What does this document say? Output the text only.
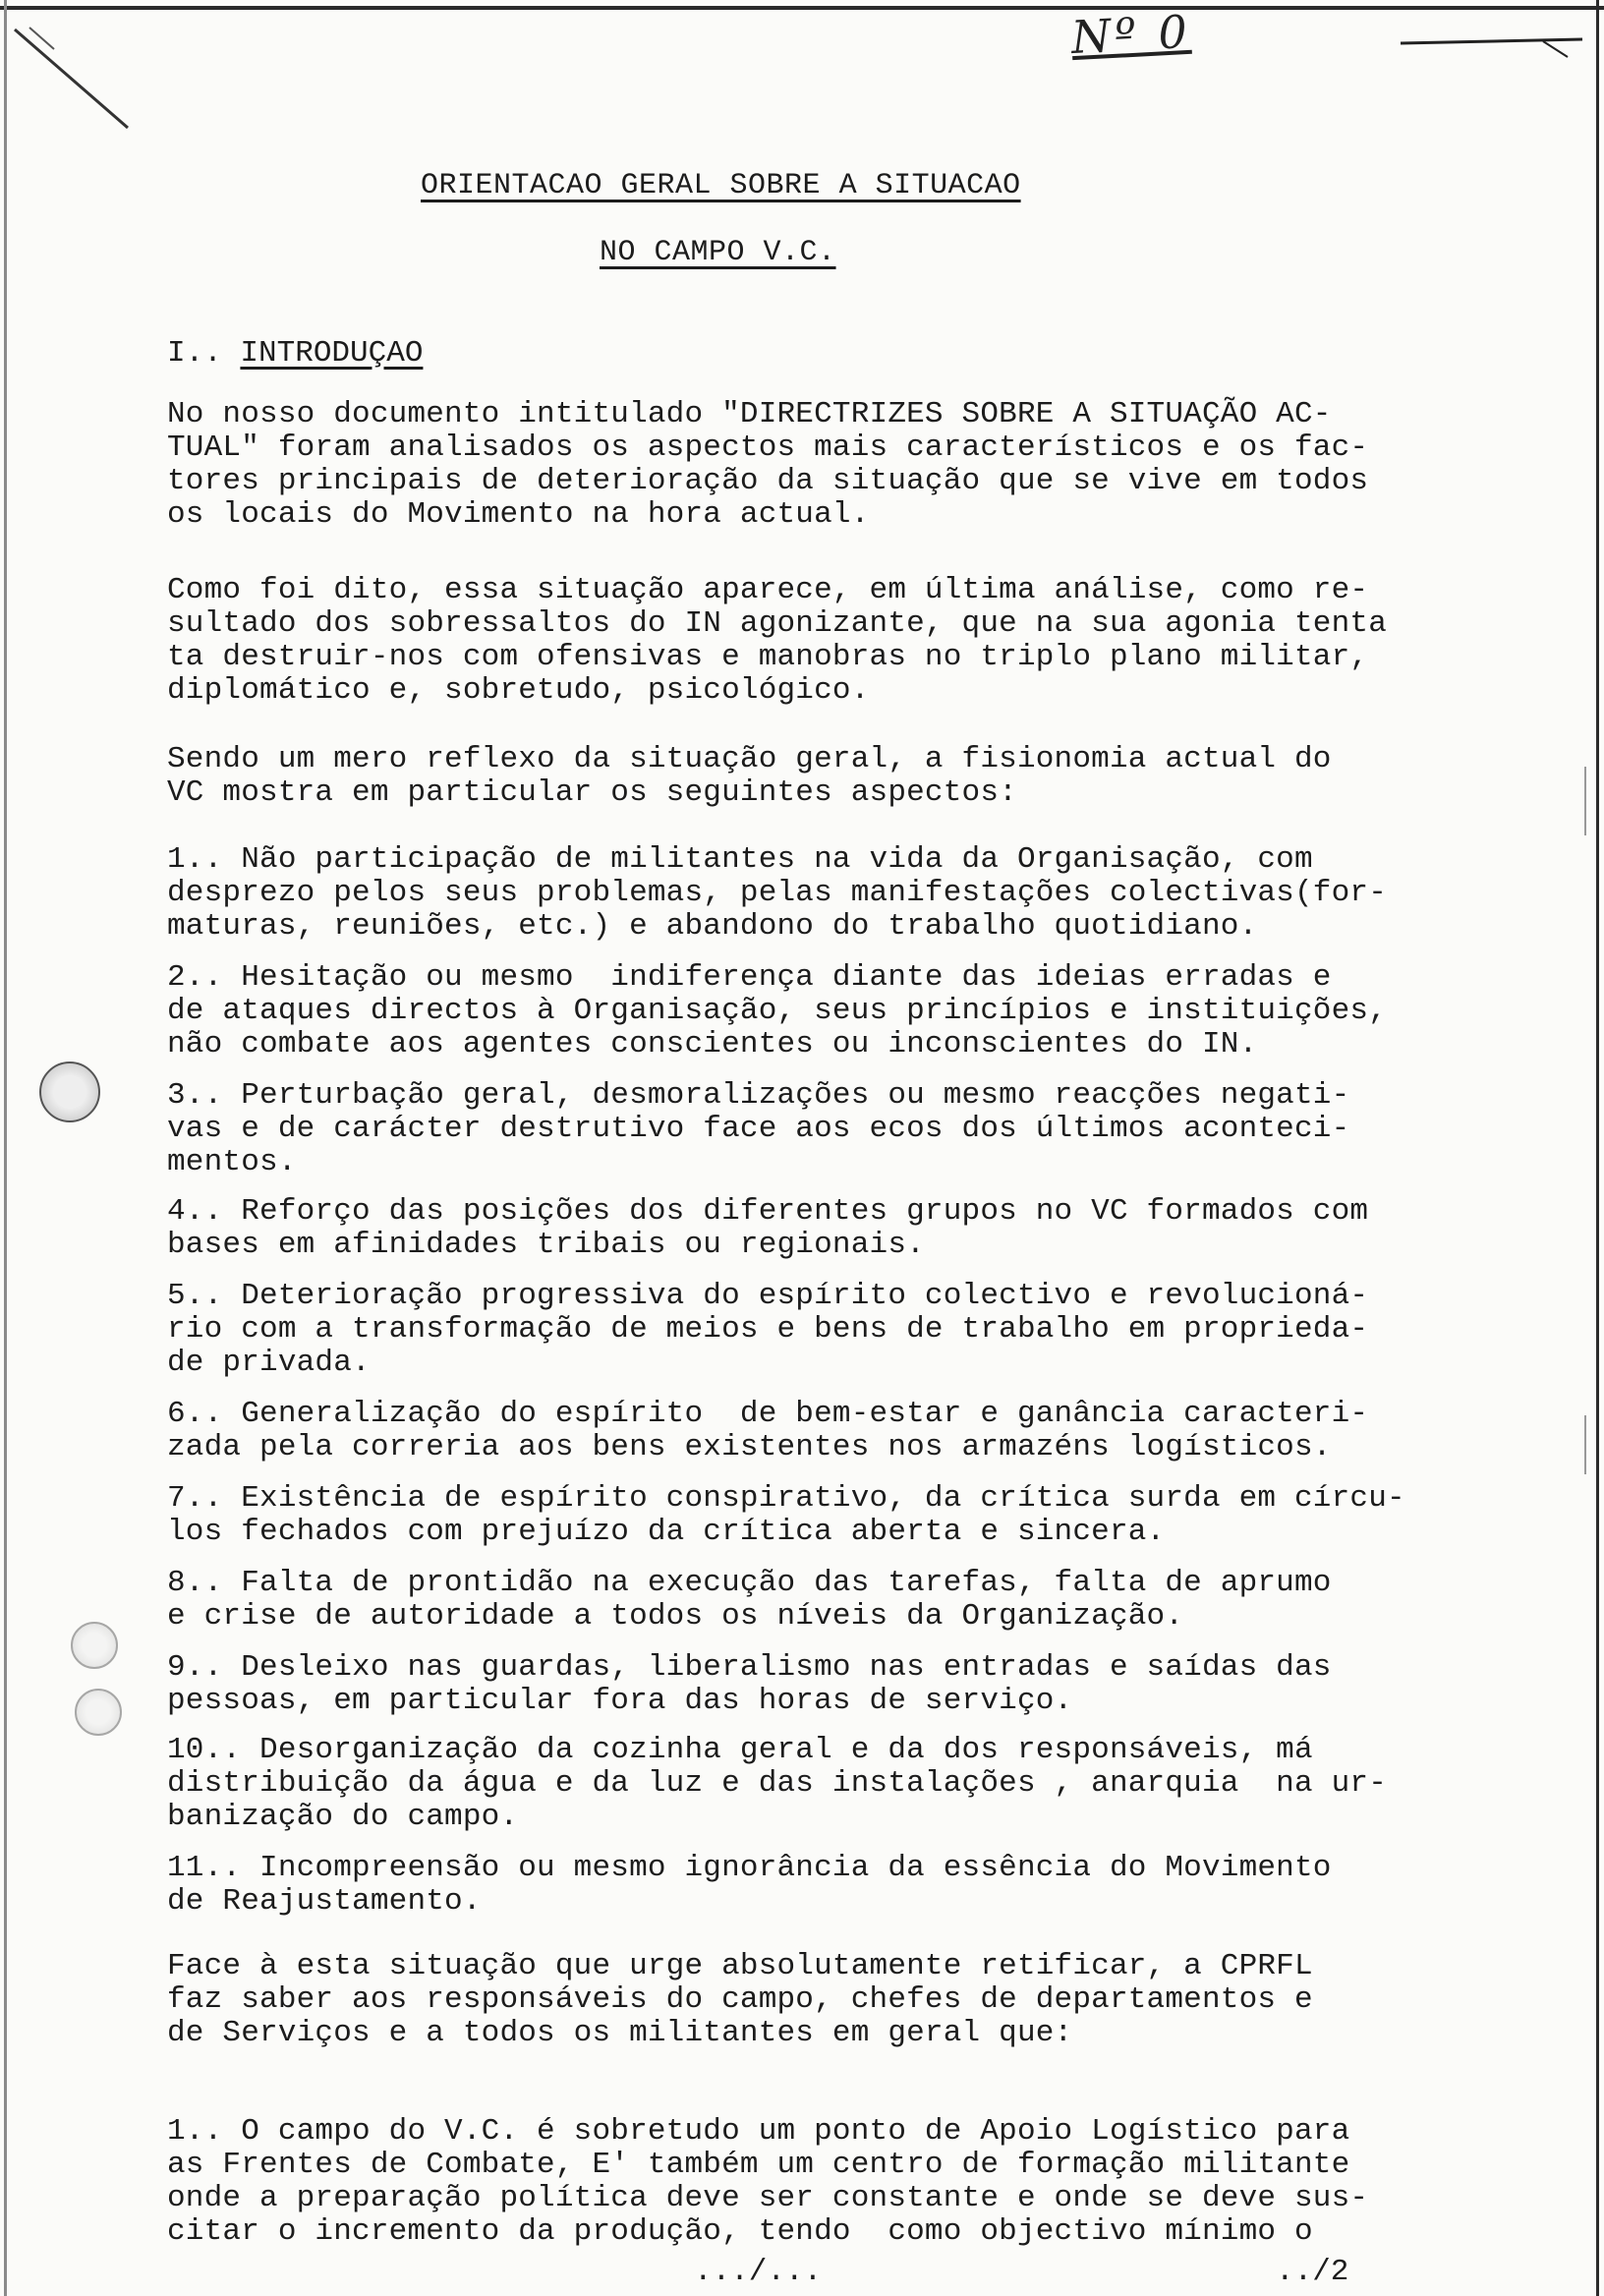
Nº 0
ORIENTACAO GERAL SOBRE A SITUACAO
NO CAMPO V.C.
I.. INTRODUÇAO
No nosso documento intitulado "DIRECTRIZES SOBRE A SITUAÇÃO AC-
TUAL" foram analisados os aspectos mais característicos e os fac-
tores principais de deterioração da situação que se vive em todos
os locais do Movimento na hora actual.
Como foi dito, essa situação aparece, em última análise, como re-
sultado dos sobressaltos do IN agonizante, que na sua agonia tenta
ta destruir-nos com ofensivas e manobras no triplo plano militar,
diplomático e, sobretudo, psicológico.
Sendo um mero reflexo da situação geral, a fisionomia actual do
VC mostra em particular os seguintes aspectos:
1.. Não participação de militantes na vida da Organisação, com
desprezo pelos seus problemas, pelas manifestações colectivas(for-
maturas, reuniões, etc.) e abandono do trabalho quotidiano.
2.. Hesitação ou mesmo  indiferença diante das ideias erradas e
de ataques directos à Organisação, seus princípios e instituições,
não combate aos agentes conscientes ou inconscientes do IN.
3.. Perturbação geral, desmoralizações ou mesmo reacções negati-
vas e de carácter destrutivo face aos ecos dos últimos aconteci-
mentos.
4.. Reforço das posições dos diferentes grupos no VC formados com
bases em afinidades tribais ou regionais.
5.. Deterioração progressiva do espírito colectivo e revolucioná-
rio com a transformação de meios e bens de trabalho em proprieda-
de privada.
6.. Generalização do espírito  de bem-estar e ganância caracteri-
zada pela correria aos bens existentes nos armazéns logísticos.
7.. Existência de espírito conspirativo, da crítica surda em círcu-
los fechados com prejuízo da crítica aberta e sincera.
8.. Falta de prontidão na execução das tarefas, falta de aprumo
e crise de autoridade a todos os níveis da Organização.
9.. Desleixo nas guardas, liberalismo nas entradas e saídas das
pessoas, em particular fora das horas de serviço.
10.. Desorganização da cozinha geral e da dos responsáveis, má
distribuição da água e da luz e das instalações , anarquia  na ur-
banização do campo.
11.. Incompreensão ou mesmo ignorância da essência do Movimento
de Reajustamento.
Face à esta situação que urge absolutamente retificar, a CPRFL
faz saber aos responsáveis do campo, chefes de departamentos e
de Serviços e a todos os militantes em geral que:
1.. O campo do V.C. é sobretudo um ponto de Apoio Logístico para
as Frentes de Combate, E' também um centro de formação militante
onde a preparação política deve ser constante e onde se deve sus-
citar o incremento da produção, tendo  como objectivo mínimo o
.../...	../2
